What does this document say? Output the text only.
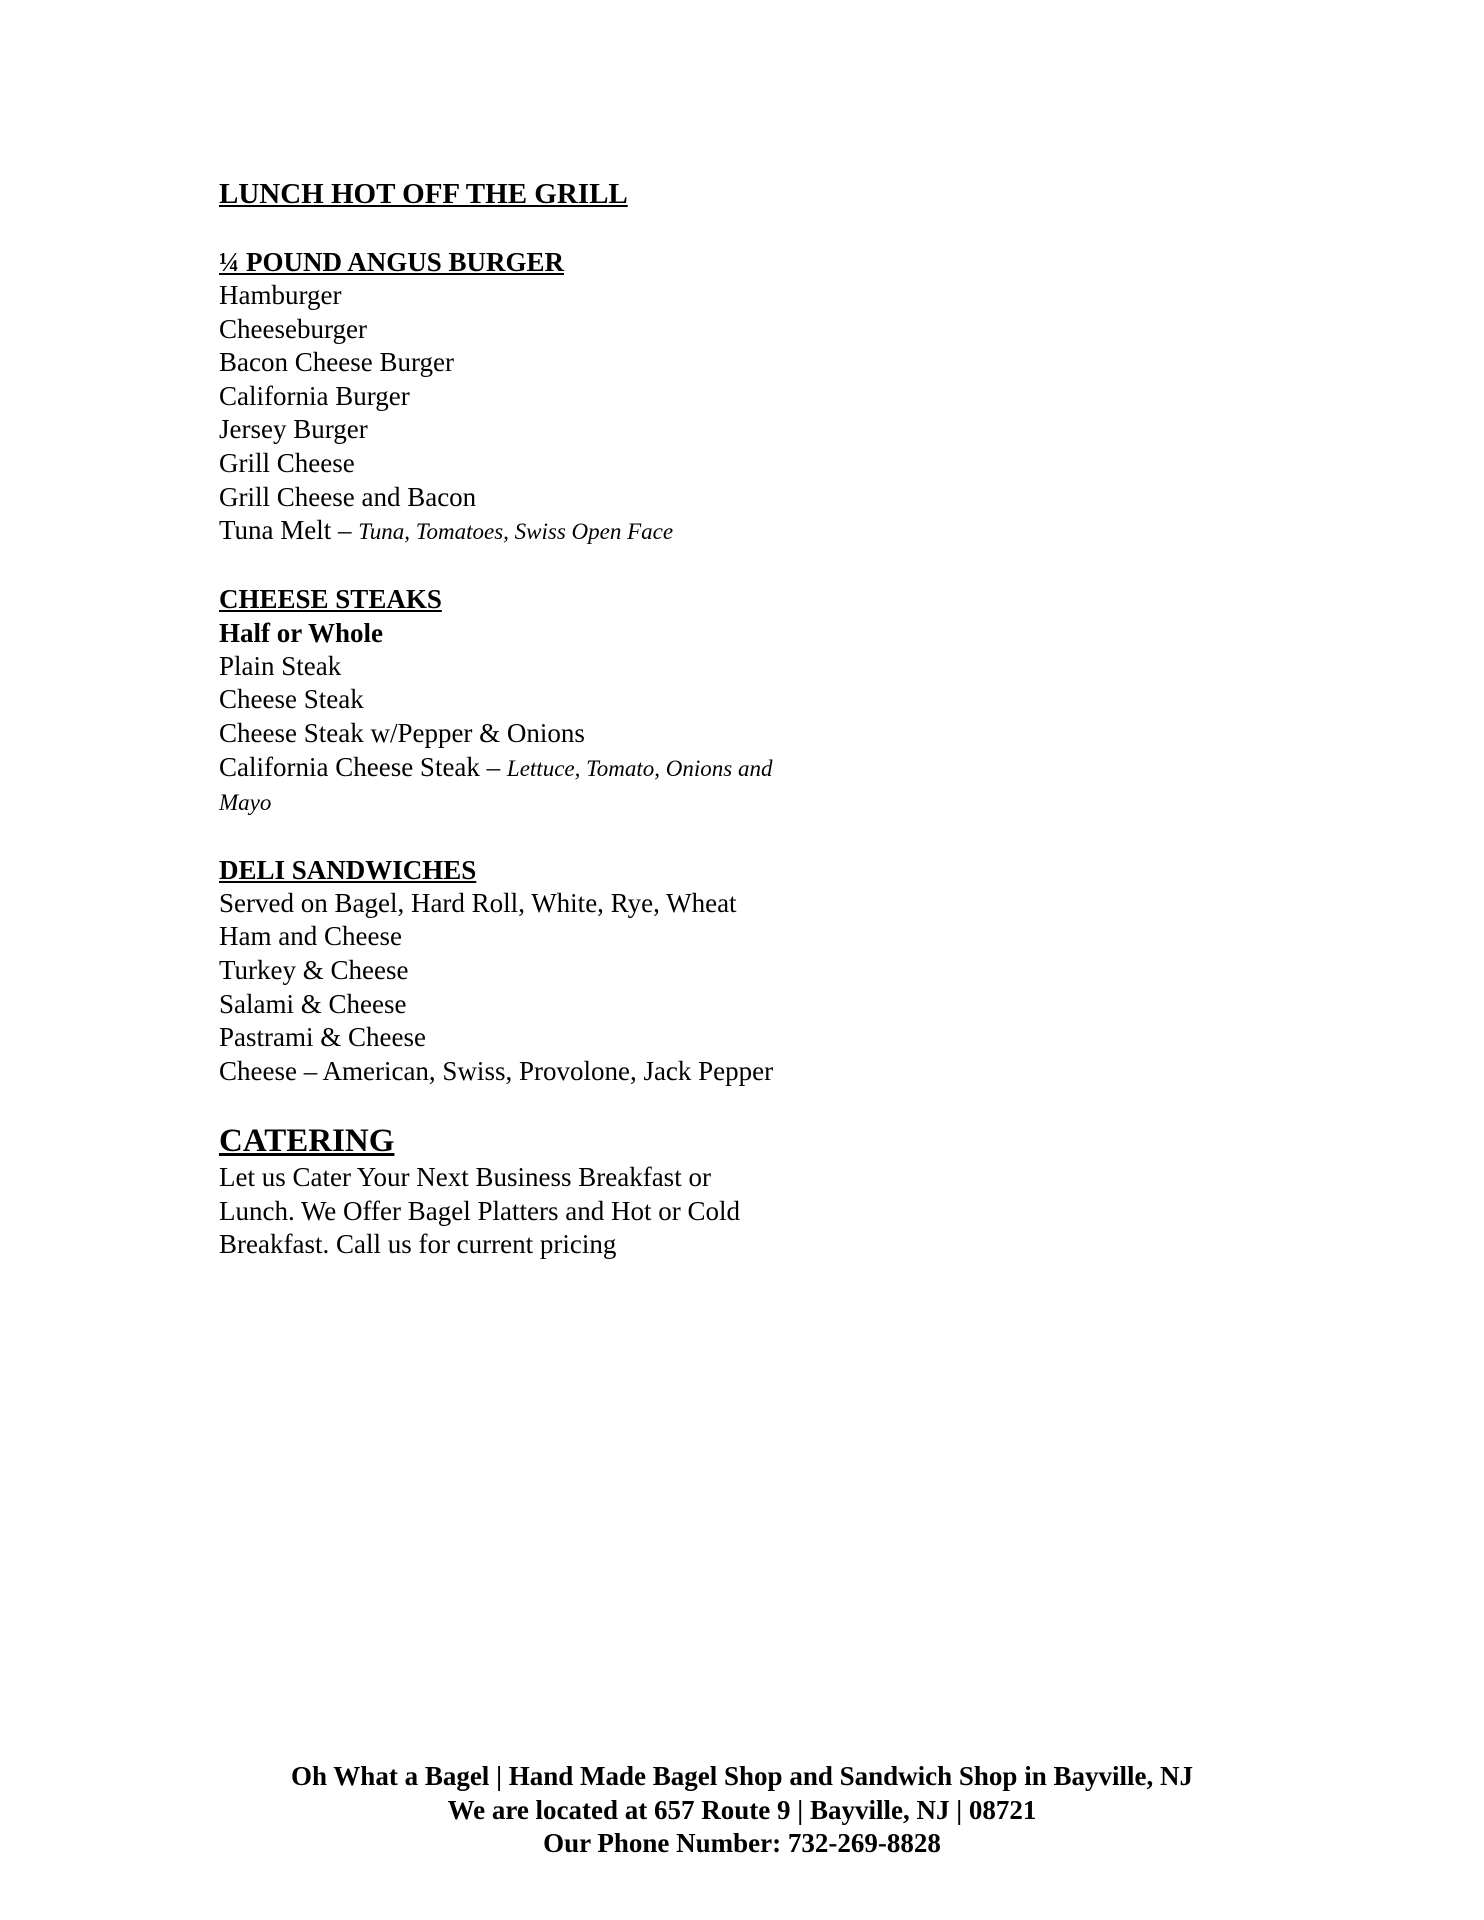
LUNCH HOT OFF THE GRILL
¼ POUND ANGUS BURGER
Hamburger
Cheeseburger
Bacon Cheese Burger
California Burger
Jersey Burger
Grill Cheese
Grill Cheese and Bacon
Tuna Melt – Tuna, Tomatoes, Swiss Open Face
CHEESE STEAKS
Half or Whole
Plain Steak
Cheese Steak
Cheese Steak w/Pepper & Onions
California Cheese Steak – Lettuce, Tomato, Onions and Mayo
DELI SANDWICHES
Served on Bagel, Hard Roll, White, Rye, Wheat
Ham and Cheese
Turkey & Cheese
Salami & Cheese
Pastrami & Cheese
Cheese – American, Swiss, Provolone, Jack Pepper
CATERING
Let us Cater Your Next Business Breakfast or Lunch. We Offer Bagel Platters and Hot or Cold Breakfast. Call us for current pricing
Oh What a Bagel | Hand Made Bagel Shop and Sandwich Shop in Bayville, NJ
We are located at 657 Route 9 | Bayville, NJ | 08721
Our Phone Number: 732-269-8828
